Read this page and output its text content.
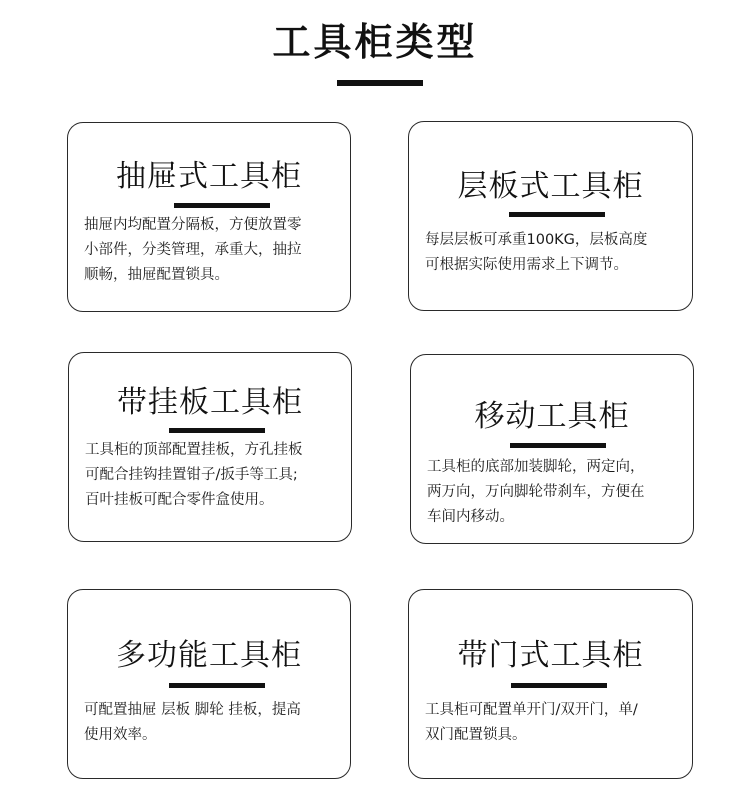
工具柜类型
抽屉式工具柜
抽屉内均配置分隔板，方便放置零
小部件，分类管理，承重大，抽拉
顺畅，抽屉配置锁具。
层板式工具柜
每层层板可承重100KG，层板高度
可根据实际使用需求上下调节。
带挂板工具柜
工具柜的顶部配置挂板，方孔挂板
可配合挂钩挂置钳子/扳手等工具;
百叶挂板可配合零件盒使用。
移动工具柜
工具柜的底部加装脚轮，两定向，
两万向，万向脚轮带刹车，方便在
车间内移动。
多功能工具柜
可配置抽屉 层板 脚轮 挂板，提高
使用效率。
带门式工具柜
工具柜可配置单开门/双开门，单/
双门配置锁具。
